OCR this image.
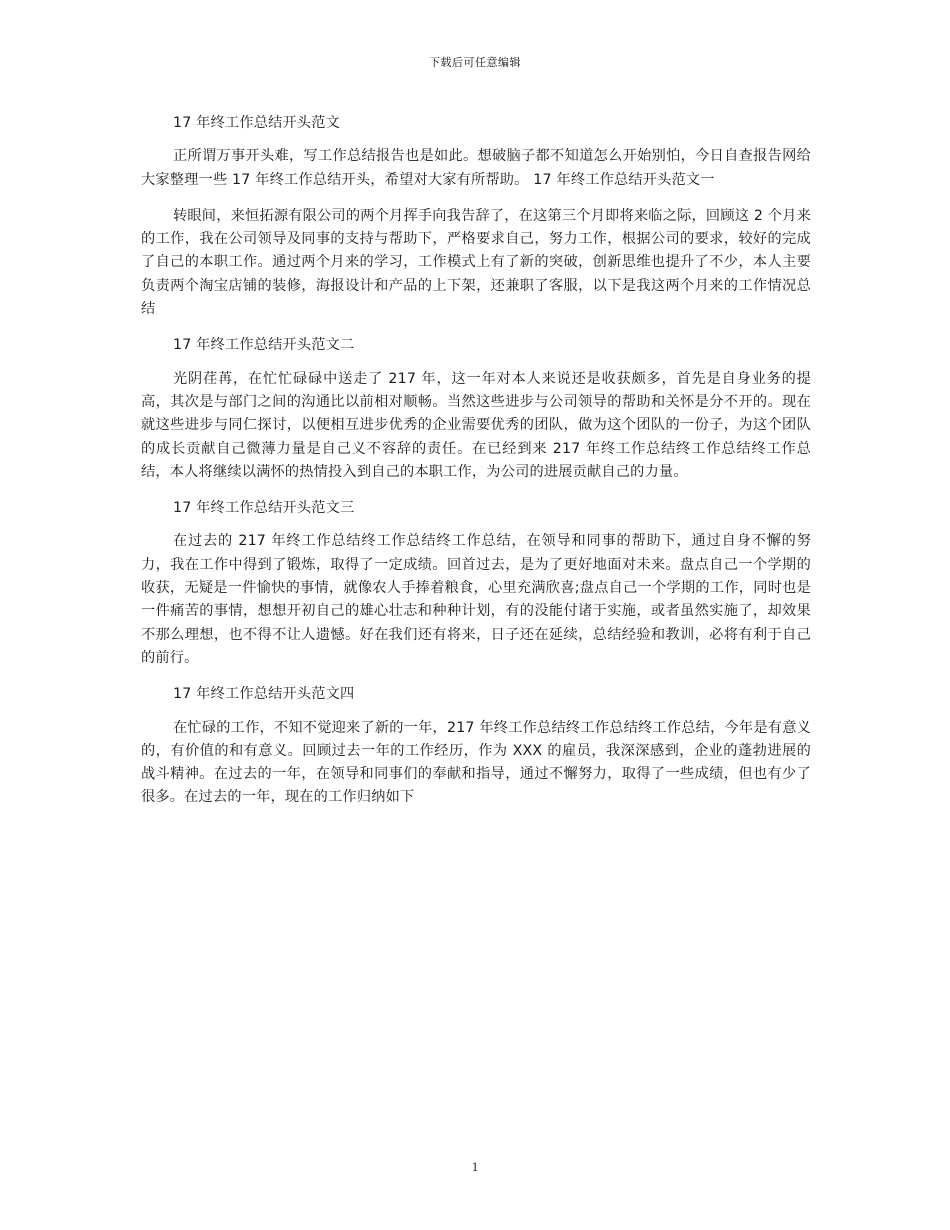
下载后可任意编辑

17 年终工作总结开头范文

正所谓万事开头难，写工作总结报告也是如此。想破脑子都不知道怎么开始别怕，今日自查报告网给大家整理一些 17 年终工作总结开头，希望对大家有所帮助。 17 年终工作总结开头范文一

转眼间，来恒拓源有限公司的两个月挥手向我告辞了，在这第三个月即将来临之际，回顾这 2 个月来的工作，我在公司领导及同事的支持与帮助下，严格要求自己，努力工作，根据公司的要求，较好的完成了自己的本职工作。通过两个月来的学习，工作模式上有了新的突破，创新思维也提升了不少，本人主要负责两个淘宝店铺的装修，海报设计和产品的上下架，还兼职了客服，以下是我这两个月来的工作情况总结

17 年终工作总结开头范文二

光阴荏苒，在忙忙碌碌中送走了 217 年，这一年对本人来说还是收获颇多，首先是自身业务的提高，其次是与部门之间的沟通比以前相对顺畅。当然这些进步与公司领导的帮助和关怀是分不开的。现在就这些进步与同仁探讨，以便相互进步优秀的企业需要优秀的团队，做为这个团队的一份子，为这个团队的成长贡献自己微薄力量是自己义不容辞的责任。在已经到来 217 年终工作总结终工作总结终工作总结，本人将继续以满怀的热情投入到自己的本职工作，为公司的进展贡献自己的力量。

17 年终工作总结开头范文三

在过去的 217 年终工作总结终工作总结终工作总结，在领导和同事的帮助下，通过自身不懈的努力，我在工作中得到了锻炼，取得了一定成绩。回首过去，是为了更好地面对未来。盘点自己一个学期的收获，无疑是一件愉快的事情，就像农人手捧着粮食，心里充满欣喜;盘点自己一个学期的工作，同时也是一件痛苦的事情，想想开初自己的雄心壮志和种种计划，有的没能付诸于实施，或者虽然实施了，却效果不那么理想，也不得不让人遗憾。好在我们还有将来，日子还在延续，总结经验和教训，必将有利于自己的前行。

17 年终工作总结开头范文四

在忙碌的工作，不知不觉迎来了新的一年，217 年终工作总结终工作总结终工作总结，今年是有意义的，有价值的和有意义。回顾过去一年的工作经历，作为 XXX 的雇员，我深深感到，企业的蓬勃进展的战斗精神。在过去的一年，在领导和同事们的奉献和指导，通过不懈努力，取得了一些成绩，但也有少了很多。在过去的一年，现在的工作归纳如下

1
